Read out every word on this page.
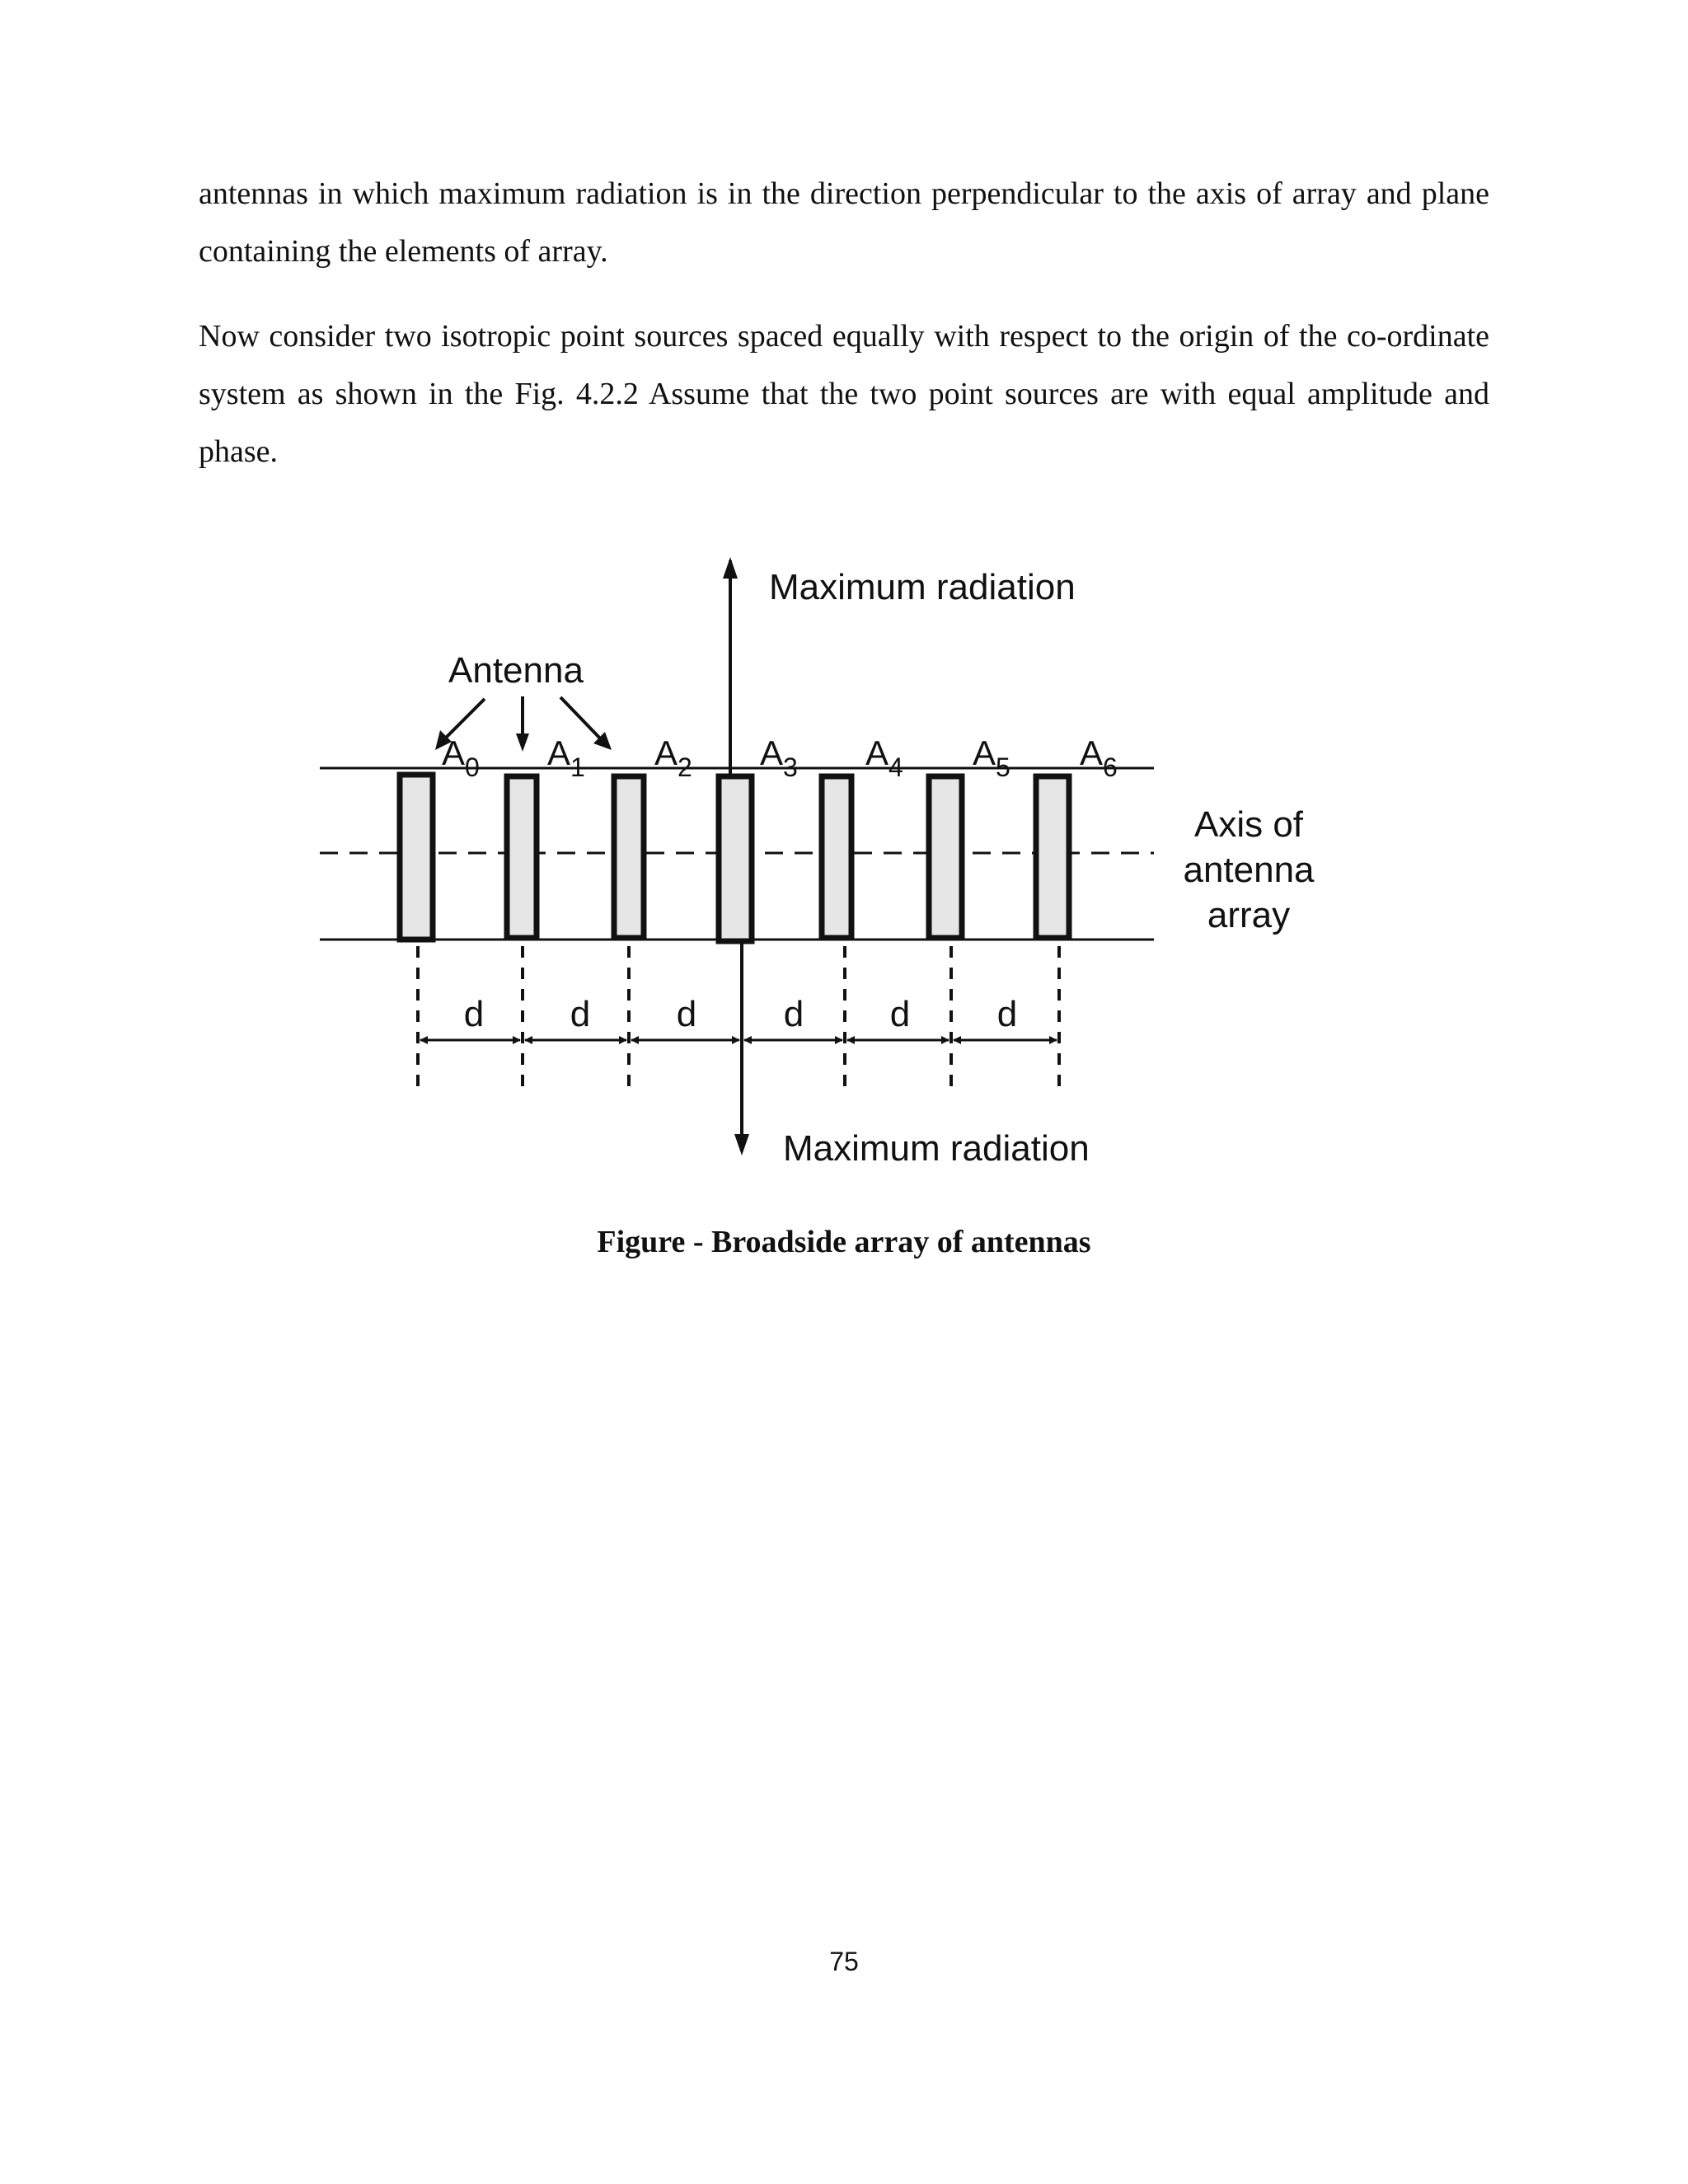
antennas in which maximum radiation is in the direction perpendicular to the axis of array and plane containing the elements of array.

Now consider two isotropic point sources spaced equally with respect to the origin of the co-ordinate system as shown in the Fig. 4.2.2 Assume that the two point sources are with equal amplitude and phase.

Maximum radiation
Maximum radiation
Antenna
Axis of
antenna
array
$A_0$ $A_1$ $A_2$ $A_3$ $A_4$ $A_5$ $A_6$
d d d d d d

Figure - Broadside array of antennas

75
